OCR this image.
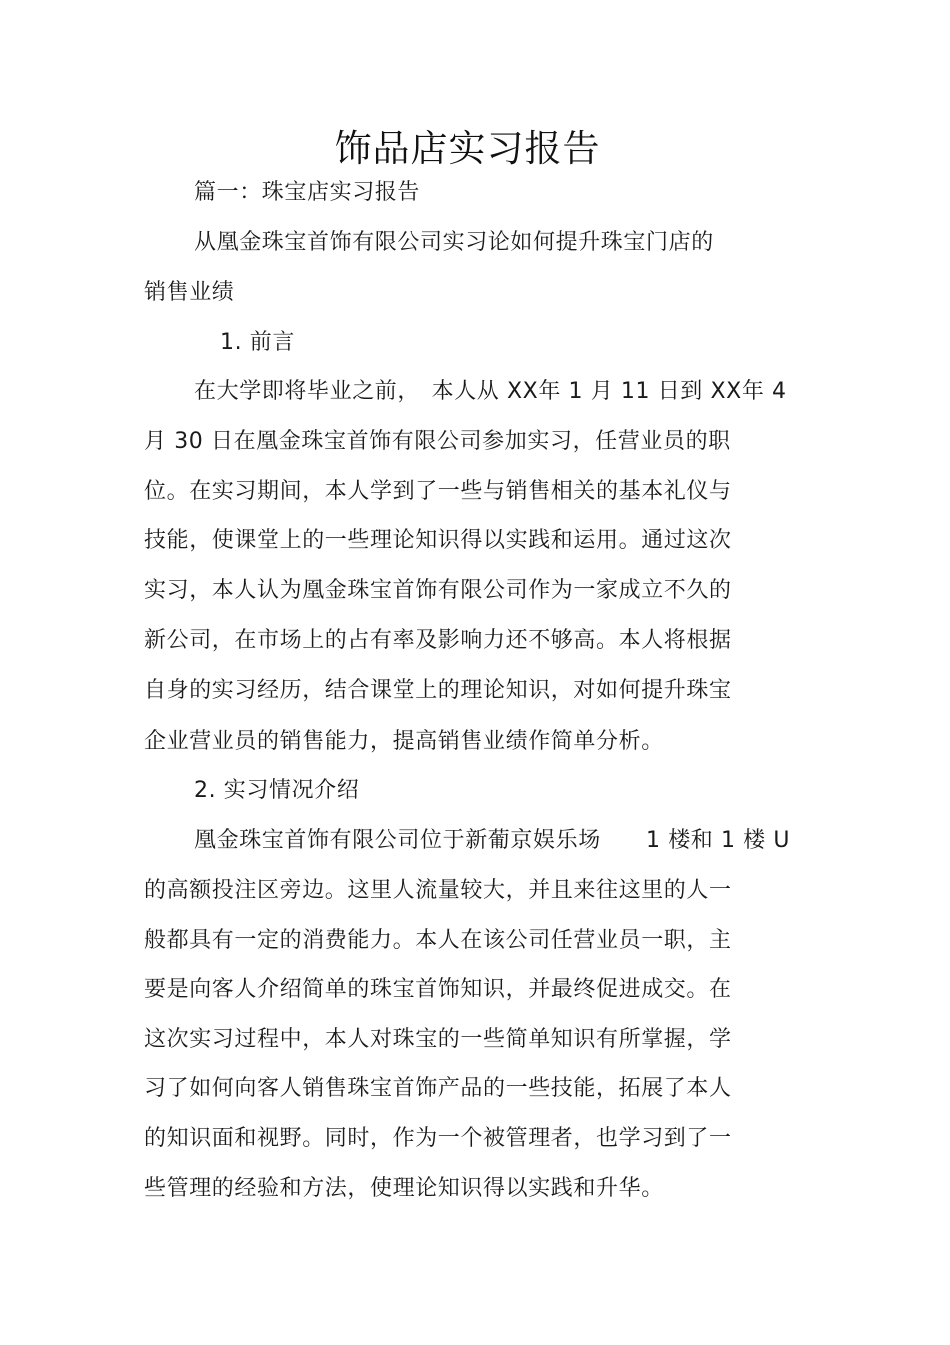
饰品店实习报告
篇一：珠宝店实习报告
从凰金珠宝首饰有限公司实习论如何提升珠宝门店的
销售业绩
1. 前言
在大学即将毕业之前，　本人从 XX年 1 月 11 日到 XX年 4
月 30 日在凰金珠宝首饰有限公司参加实习，任营业员的职
位。在实习期间，本人学到了一些与销售相关的基本礼仪与
技能，使课堂上的一些理论知识得以实践和运用。通过这次
实习，本人认为凰金珠宝首饰有限公司作为一家成立不久的
新公司，在市场上的占有率及影响力还不够高。本人将根据
自身的实习经历，结合课堂上的理论知识，对如何提升珠宝
企业营业员的销售能力，提高销售业绩作简单分析。
2. 实习情况介绍
凰金珠宝首饰有限公司位于新葡京娱乐场　　1 楼和 1 楼 U
的高额投注区旁边。这里人流量较大，并且来往这里的人一
般都具有一定的消费能力。本人在该公司任营业员一职，主
要是向客人介绍简单的珠宝首饰知识，并最终促进成交。在
这次实习过程中，本人对珠宝的一些简单知识有所掌握，学
习了如何向客人销售珠宝首饰产品的一些技能，拓展了本人
的知识面和视野。同时，作为一个被管理者，也学习到了一
些管理的经验和方法，使理论知识得以实践和升华。
